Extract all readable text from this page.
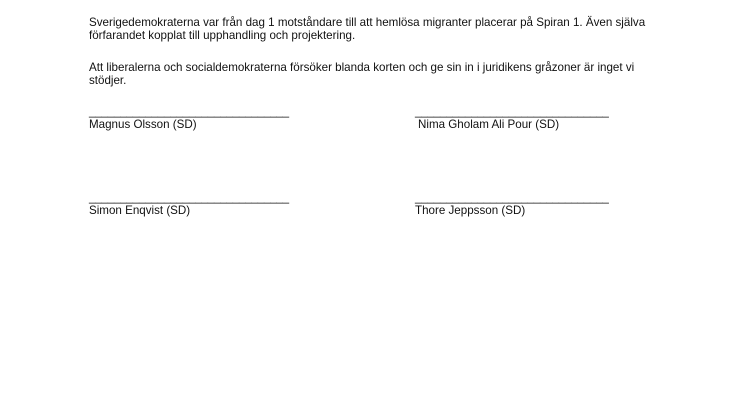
Sverigedemokraterna var från dag 1 motståndare till att hemlösa migranter placerar på Spiran 1. Även själva förfarandet kopplat till upphandling och projektering.

Att liberalerna och socialdemokraterna försöker blanda korten och ge sin in i juridikens gråzoner är inget vi stödjer.

________________________________
Magnus Olsson (SD)
_______________________________
Nima Gholam Ali Pour (SD)
________________________________
Simon Enqvist (SD)
_______________________________
Thore Jeppsson (SD)
